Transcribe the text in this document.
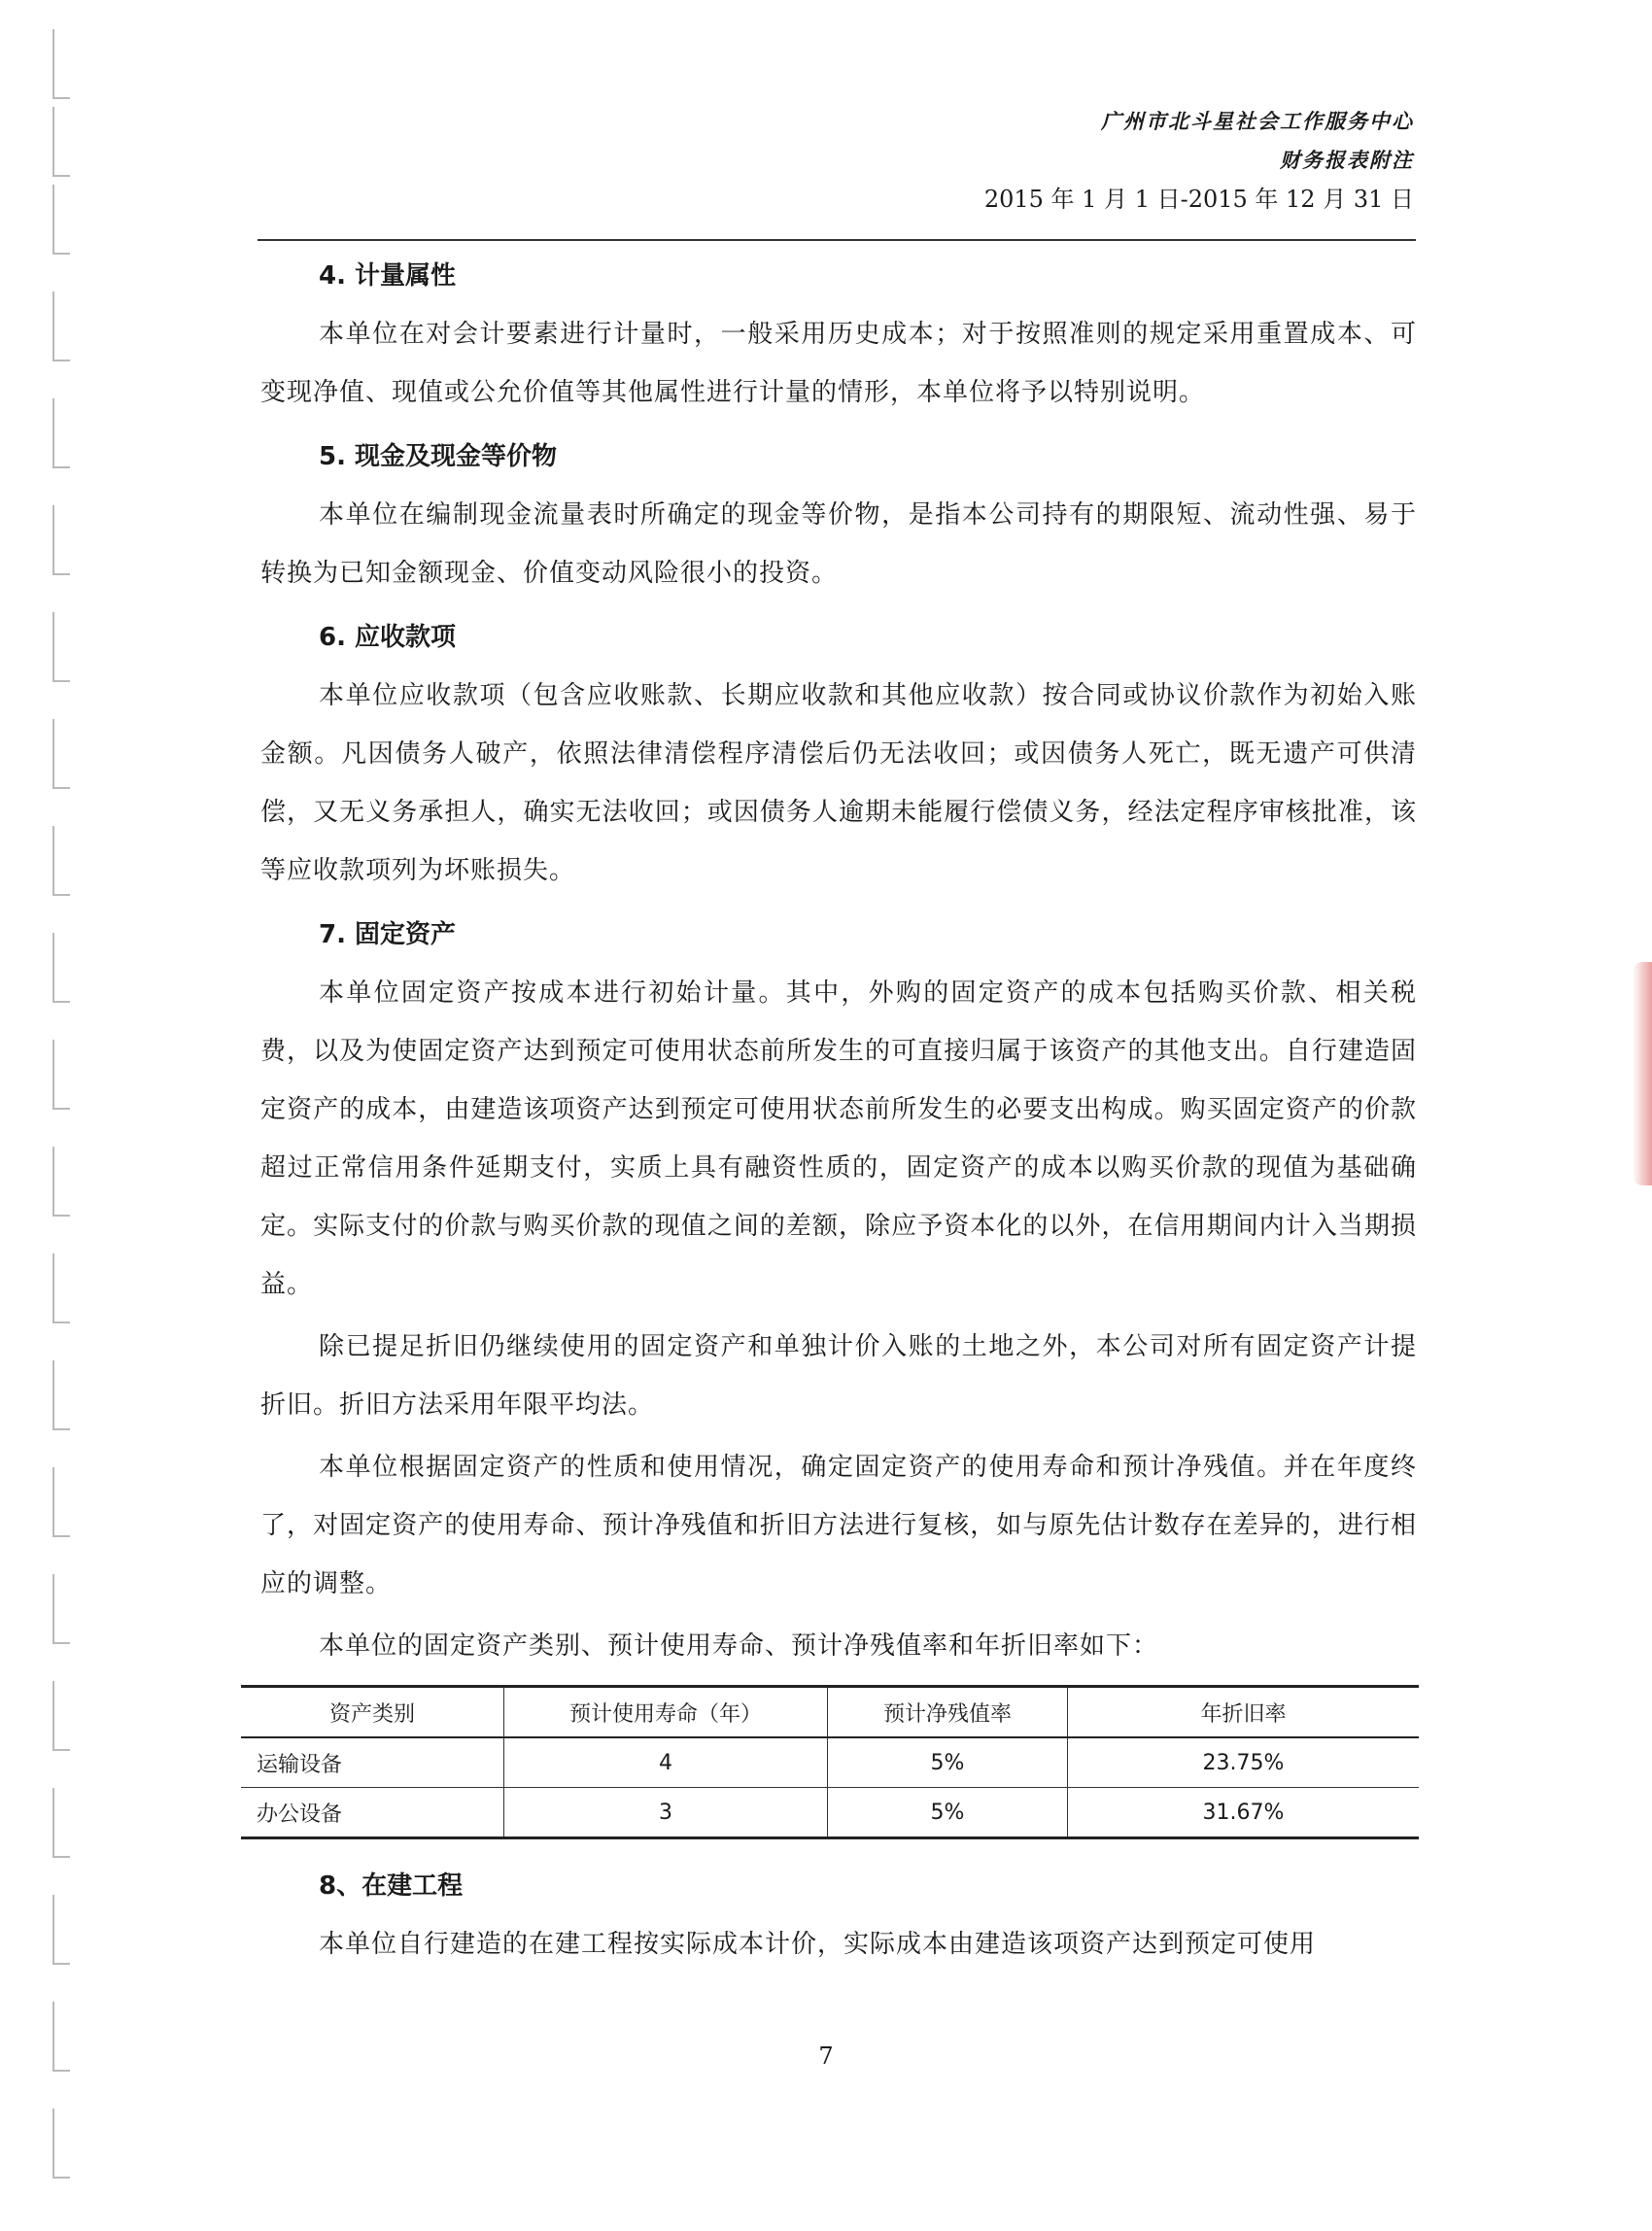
广州市北斗星社会工作服务中心
财务报表附注
2015 年 1 月 1 日-2015 年 12 月 31 日
4. 计量属性

本单位在对会计要素进行计量时，一般采用历史成本；对于按照准则的规定采用重置成本、可变现净值、现值或公允价值等其他属性进行计量的情形，本单位将予以特别说明。

5. 现金及现金等价物

本单位在编制现金流量表时所确定的现金等价物，是指本公司持有的期限短、流动性强、易于转换为已知金额现金、价值变动风险很小的投资。

6. 应收款项

本单位应收款项（包含应收账款、长期应收款和其他应收款）按合同或协议价款作为初始入账金额。凡因债务人破产，依照法律清偿程序清偿后仍无法收回；或因债务人死亡，既无遗产可供清偿，又无义务承担人，确实无法收回；或因债务人逾期未能履行偿债义务，经法定程序审核批准，该等应收款项列为坏账损失。

7. 固定资产

本单位固定资产按成本进行初始计量。其中，外购的固定资产的成本包括购买价款、相关税费，以及为使固定资产达到预定可使用状态前所发生的可直接归属于该资产的其他支出。自行建造固定资产的成本，由建造该项资产达到预定可使用状态前所发生的必要支出构成。购买固定资产的价款超过正常信用条件延期支付，实质上具有融资性质的，固定资产的成本以购买价款的现值为基础确定。实际支付的价款与购买价款的现值之间的差额，除应予资本化的以外，在信用期间内计入当期损益。

除已提足折旧仍继续使用的固定资产和单独计价入账的土地之外，本公司对所有固定资产计提折旧。折旧方法采用年限平均法。

本单位根据固定资产的性质和使用情况，确定固定资产的使用寿命和预计净残值。并在年度终了，对固定资产的使用寿命、预计净残值和折旧方法进行复核，如与原先估计数存在差异的，进行相应的调整。

本单位的固定资产类别、预计使用寿命、预计净残值率和年折旧率如下：

资产类别	预计使用寿命（年）	预计净残值率	年折旧率
运输设备	4	5%	23.75%
办公设备	3	5%	31.67%
8、在建工程

本单位自行建造的在建工程按实际成本计价，实际成本由建造该项资产达到预定可使用

7
